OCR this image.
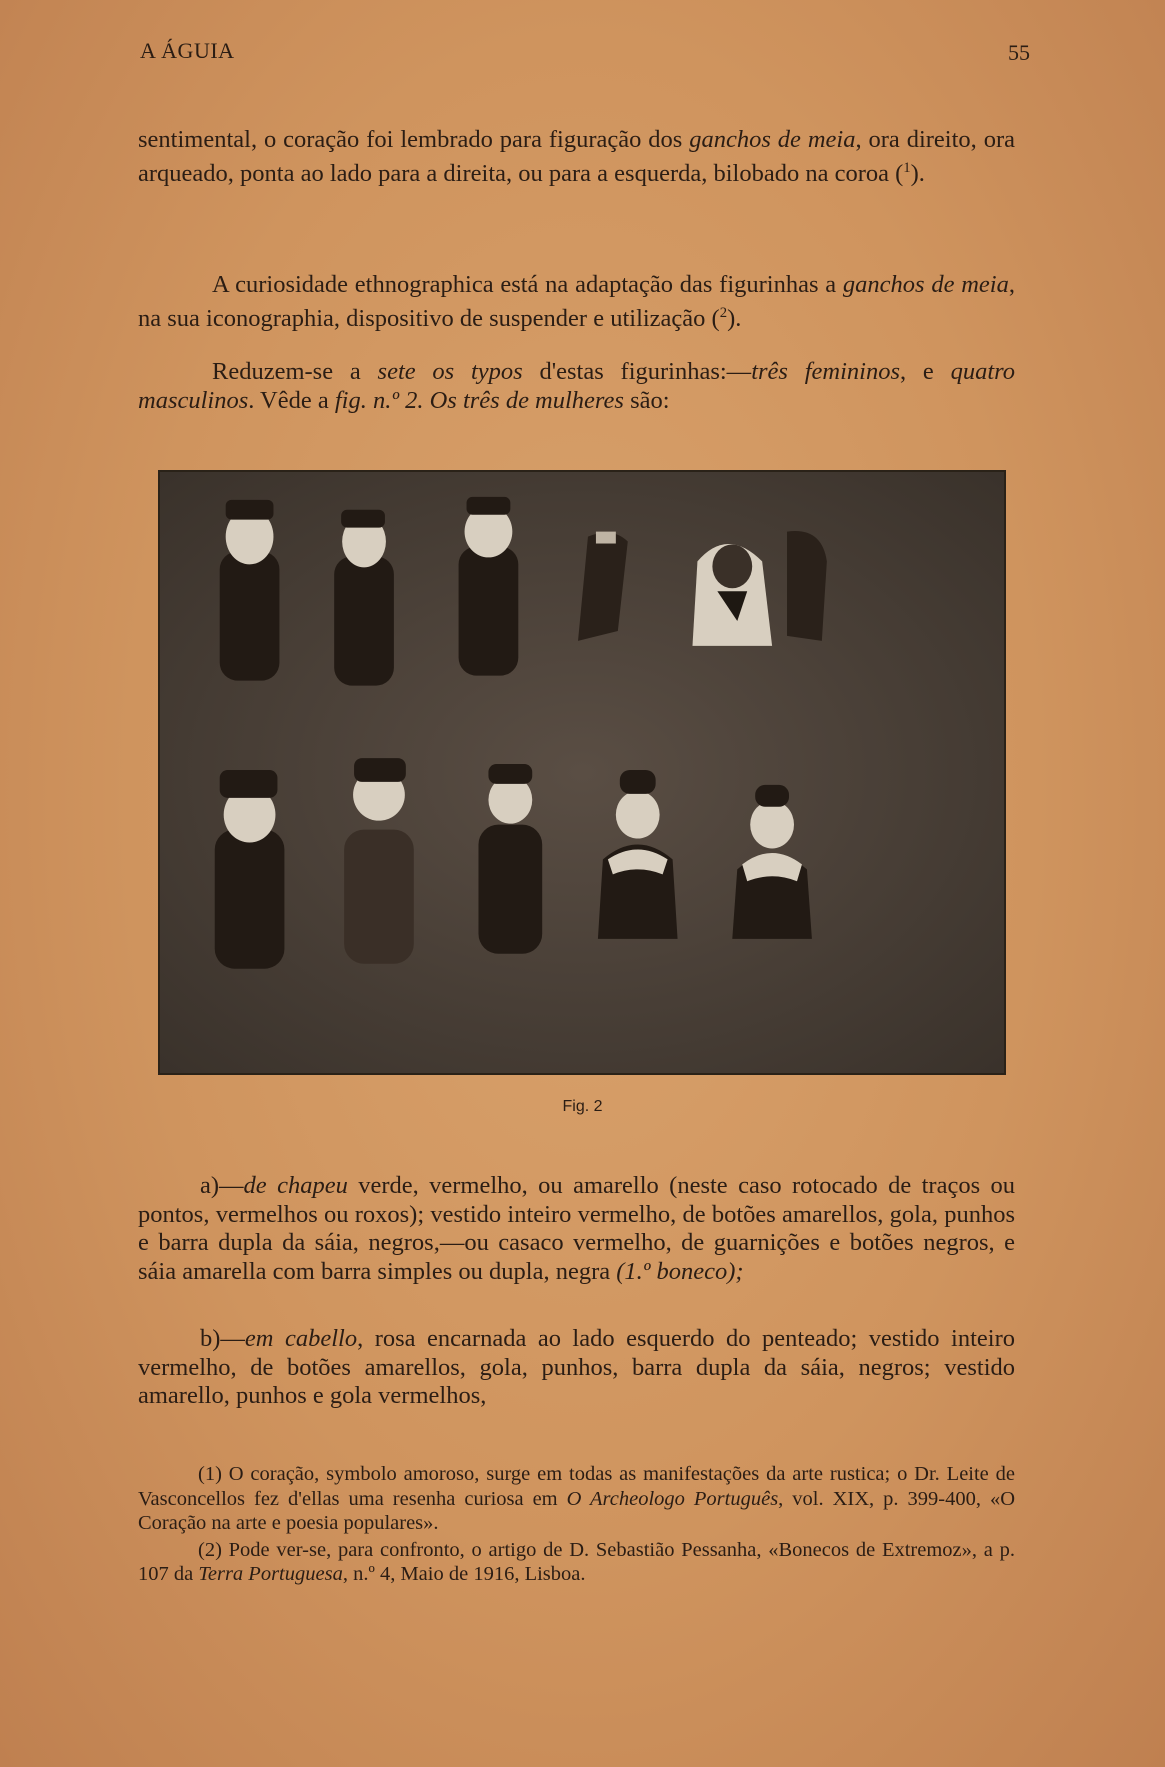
A ÁGUIA	55

sentimental, o coração foi lembrado para figuração dos ganchos de meia, ora direito, ora arqueado, ponta ao lado para a direita, ou para a esquerda, bilobado na coroa ($^1$).

A curiosidade ethnographica está na adaptação das figurinhas a ganchos de meia, na sua iconographia, dispositivo de suspender e utilização ($^2$).

Reduzem-se a sete os typos d'estas figurinhas:—três femininos, e quatro masculinos. Vêde a fig. n.º 2. Os três de mulheres são:

Fig. 2

a)—de chapeu verde, vermelho, ou amarello (neste caso rotocado de traços ou pontos, vermelhos ou roxos); vestido inteiro vermelho, de botões amarellos, gola, punhos e barra dupla da sáia, negros,—ou casaco vermelho, de guarnições e botões negros, e sáia amarella com barra simples ou dupla, negra (1.º boneco);

b)—em cabello, rosa encarnada ao lado esquerdo do penteado; vestido inteiro vermelho, de botões amarellos, gola, punhos, barra dupla da sáia, negros; vestido amarello, punhos e gola vermelhos,

(1) O coração, symbolo amoroso, surge em todas as manifestações da arte rustica; o Dr. Leite de Vasconcellos fez d'ellas uma resenha curiosa em O Archeologo Português, vol. XIX, p. 399-400, «O Coração na arte e poesia populares».

(2) Pode ver-se, para confronto, o artigo de D. Sebastião Pessanha, «Bonecos de Extremoz», a p. 107 da Terra Portuguesa, n.º 4, Maio de 1916, Lisboa.
